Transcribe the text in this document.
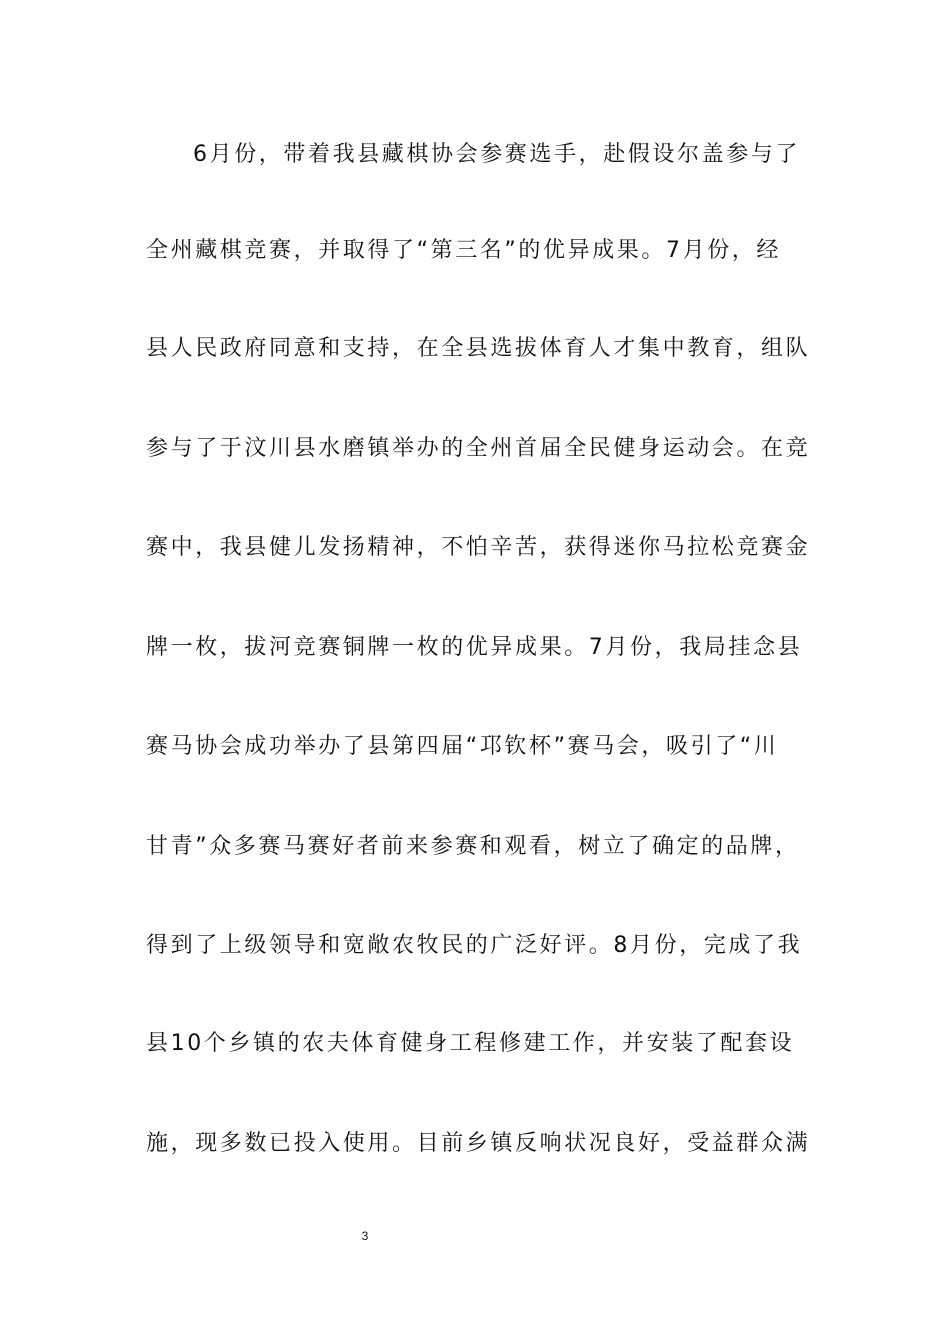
6月份，带着我县藏棋协会参赛选手，赴假设尔盖参与了
全州藏棋竞赛，并取得了“第三名”的优异成果。7月份，经
县人民政府同意和支持，在全县选拔体育人才集中教育，组队
参与了于汶川县水磨镇举办的全州首届全民健身运动会。在竞
赛中，我县健儿发扬精神，不怕辛苦，获得迷你马拉松竞赛金
牌一枚，拔河竞赛铜牌一枚的优异成果。7月份，我局挂念县
赛马协会成功举办了县第四届“邛钦杯”赛马会，吸引了“川
甘青”众多赛马赛好者前来参赛和观看，树立了确定的品牌，
得到了上级领导和宽敞农牧民的广泛好评。8月份，完成了我
县10个乡镇的农夫体育健身工程修建工作，并安装了配套设
施，现多数已投入使用。目前乡镇反响状况良好，受益群众满
3
